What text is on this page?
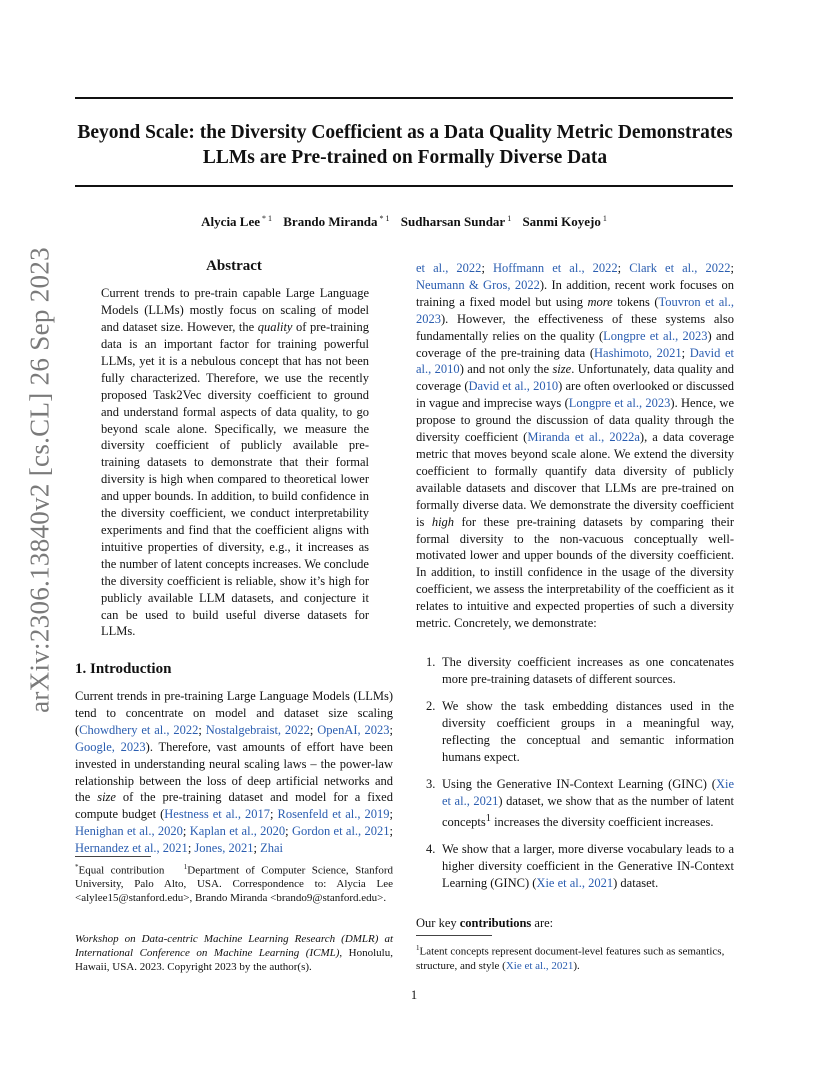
Beyond Scale: the Diversity Coefficient as a Data Quality Metric Demonstrates
LLMs are Pre-trained on Formally Diverse Data
Alycia Lee $^{* 1}$ Brando Miranda $^{* 1}$ Sudharsan Sundar $^1$ Sanmi Koyejo $^1$
arXiv:2306.13840v2 [cs.CL] 26 Sep 2023	Abstract

Current trends to pre-train capable Large Language Models (LLMs) mostly focus on scaling of model and dataset size. However, the quality of pre-training data is an important factor for training powerful LLMs, yet it is a nebulous concept that has not been fully characterized. Therefore, we use the recently proposed Task2Vec diversity coefficient to ground and understand formal aspects of data quality, to go beyond scale alone. Specifically, we measure the diversity coefficient of publicly available pre-training datasets to demonstrate that their formal diversity is high when compared to theoretical lower and upper bounds. In addition, to build confidence in the diversity coefficient, we conduct interpretability experiments and find that the coefficient aligns with intuitive properties of diversity, e.g., it increases as the number of latent concepts increases. We conclude the diversity coefficient is reliable, show it’s high for publicly available LLM datasets, and conjecture it can be used to build useful diverse datasets for LLMs.

1. Introduction

Current trends in pre-training Large Language Models (LLMs) tend to concentrate on model and dataset size scaling (Chowdhery et al., 2022; Nostalgebraist, 2022; OpenAI, 2023; Google, 2023). Therefore, vast amounts of effort have been invested in understanding neural scaling laws – the power-law relationship between the loss of deep artificial networks and the size of the pre-training dataset and model for a fixed compute budget (Hestness et al., 2017; Rosenfeld et al., 2019; Henighan et al., 2020; Kaplan et al., 2020; Gordon et al., 2021; Hernandez et al., 2021; Jones, 2021; Zhai

*Equal contribution	$^1$Department of Computer Science, Stanford University, Palo Alto, USA. Correspondence to: Alycia Lee <alylee15@stanford.edu>, Brando Miranda <brando9@stanford.edu>.

Workshop on Data-centric Machine Learning Research (DMLR) at International Conference on Machine Learning (ICML), Honolulu, Hawaii, USA. 2023. Copyright 2023 by the author(s).

et al., 2022; Hoffmann et al., 2022; Clark et al., 2022; Neumann & Gros, 2022). In addition, recent work focuses on training a fixed model but using more tokens (Touvron et al., 2023). However, the effectiveness of these systems also fundamentally relies on the quality (Longpre et al., 2023) and coverage of the pre-training data (Hashimoto, 2021; David et al., 2010) and not only the size. Unfortunately, data quality and coverage (David et al., 2010) are often overlooked or discussed in vague and imprecise ways (Longpre et al., 2023). Hence, we propose to ground the discussion of data quality through the diversity coefficient (Miranda et al., 2022a), a data coverage metric that moves beyond scale alone. We extend the diversity coefficient to formally quantify data diversity of publicly available datasets and discover that LLMs are pre-trained on formally diverse data. We demonstrate the diversity coefficient is high for these pre-training datasets by comparing their formal diversity to the non-vacuous conceptually well-motivated lower and upper bounds of the diversity coefficient. In addition, to instill confidence in the usage of the diversity coefficient, we assess the interpretability of the coefficient as it relates to intuitive and expected properties of such a diversity metric. Concretely, we demonstrate:

1. The diversity coefficient increases as one concatenates more pre-training datasets of different sources.
2. We show the task embedding distances used in the diversity coefficient groups in a meaningful way, reflecting the conceptual and semantic information humans expect.
3. Using the Generative IN-Context Learning (GINC) (Xie et al., 2021) dataset, we show that as the number of latent concepts$^1$ increases the diversity coefficient increases.
4. We show that a larger, more diverse vocabulary leads to a higher diversity coefficient in the Generative IN-Context Learning (GINC) (Xie et al., 2021) dataset.

Our key contributions are:

$^1$Latent concepts represent document-level features such as semantics, structure, and style (Xie et al., 2021).

1
